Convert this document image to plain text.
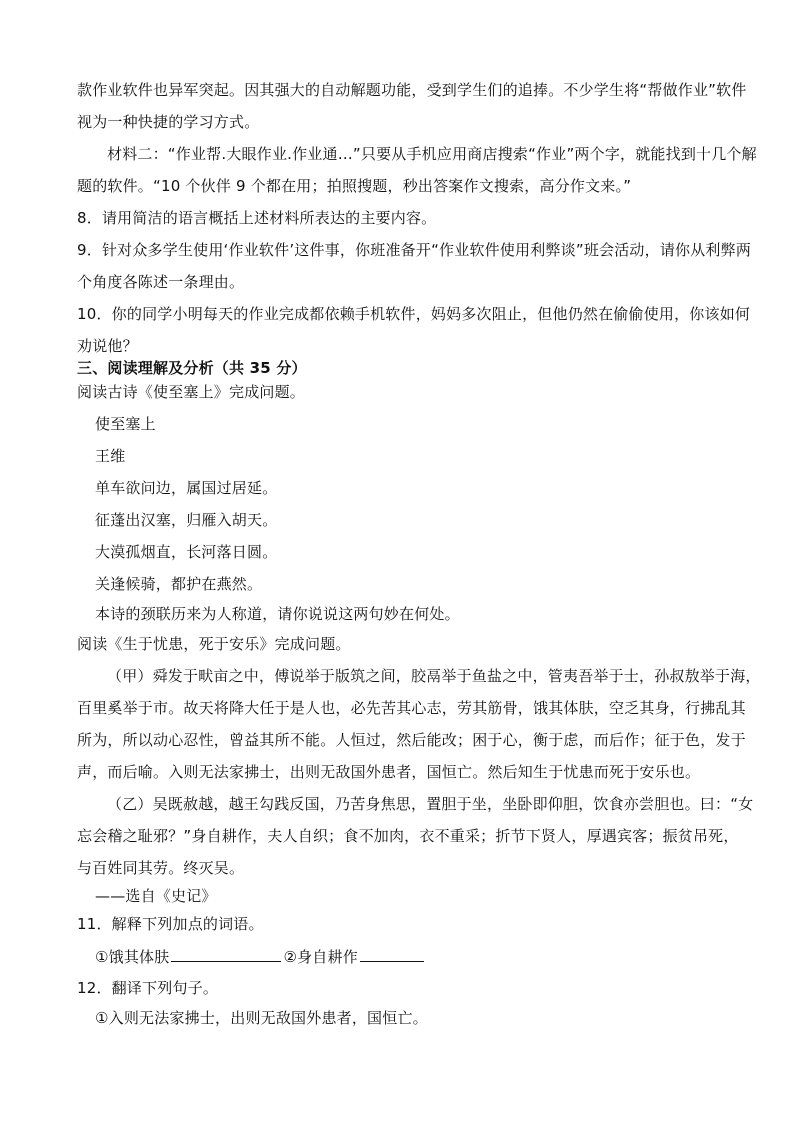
款作业软件也异军突起。因其强大的自动解题功能，受到学生们的追捧。不少学生将“帮做作业”软件
视为一种快捷的学习方式。
材料二：“作业帮.大眼作业.作业通…”只要从手机应用商店搜索“作业”两个字，就能找到十几个解
题的软件。“10 个伙伴 9 个都在用；拍照搜题，秒出答案作文搜索，高分作文来。”
8．请用简洁的语言概括上述材料所表达的主要内容。
9．针对众多学生使用‘作业软件’这件事，你班准备开“作业软件使用利弊谈”班会活动，请你从利弊两
个角度各陈述一条理由。
10．你的同学小明每天的作业完成都依赖手机软件，妈妈多次阻止，但他仍然在偷偷使用，你该如何
劝说他？
三、阅读理解及分析（共 35 分）
阅读古诗《使至塞上》完成问题。
使至塞上
王维
单车欲问边，属国过居延。
征蓬出汉塞，归雁入胡天。
大漠孤烟直，长河落日圆。
关逢候骑，都护在燕然。
本诗的颈联历来为人称道，请你说说这两句妙在何处。
阅读《生于忧患，死于安乐》完成问题。
（甲）舜发于畎亩之中，傅说举于版筑之间，胶鬲举于鱼盐之中，管夷吾举于士，孙叔敖举于海，
百里奚举于市。故天将降大任于是人也，必先苦其心志，劳其筋骨，饿其体肤，空乏其身，行拂乱其
所为，所以动心忍性，曾益其所不能。人恒过，然后能改；困于心，衡于虑，而后作；征于色，发于
声，而后喻。入则无法家拂士，出则无敌国外患者，国恒亡。然后知生于忧患而死于安乐也。
（乙）吴既赦越，越王勾践反国，乃苦身焦思，置胆于坐，坐卧即仰胆，饮食亦尝胆也。曰：“女
忘会稽之耻邪？”身自耕作，夫人自织；食不加肉，衣不重采；折节下贤人，厚遇宾客；振贫吊死，
与百姓同其劳。终灭吴。
——选自《史记》
11．解释下列加点的词语。
①饿其体肤	②身自耕作
12．翻译下列句子。
①入则无法家拂士，出则无敌国外患者，国恒亡。
